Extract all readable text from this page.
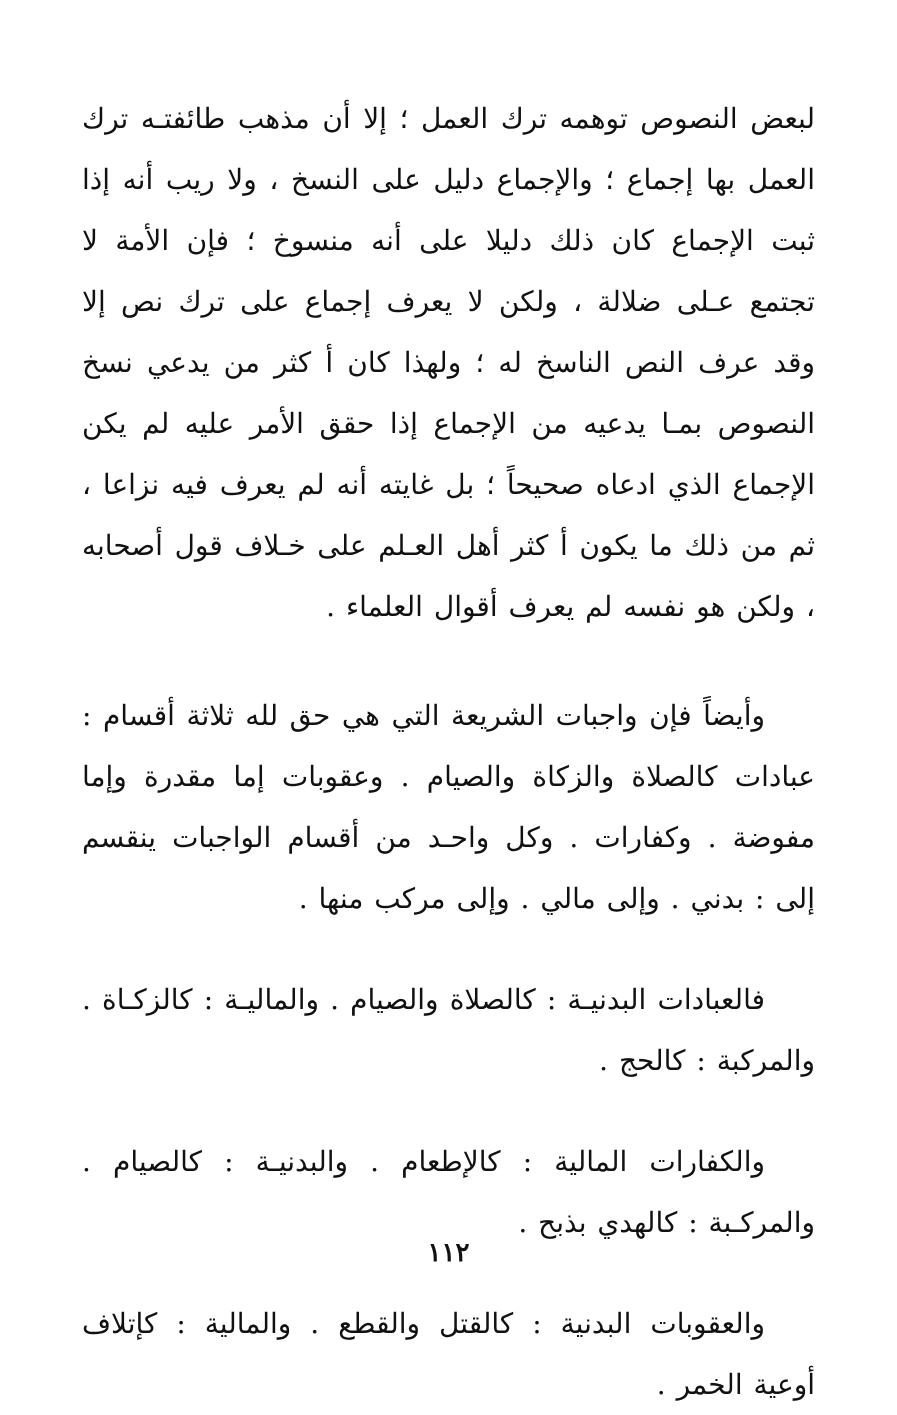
لبعض النصوص توهمه ترك العمل ؛ إلا أن مذهب طائفتـه ترك العمل بها إجماع ؛ والإجماع دليل على النسخ ، ولا ريب أنه إذا ثبت الإجماع كان ذلك دليلا على أنه منسوخ ؛ فإن الأمة لا تجتمع عـلى ضلالة ، ولكن لا يعرف إجماع على ترك نص إلا وقد عرف النص الناسخ له ؛ ولهذا كان أ كثر من يدعي نسخ النصوص بمـا يدعيه من الإجماع إذا حقق الأمر عليه لم يكن الإجماع الذي ادعاه صحيحاً ؛ بل غايته أنه لم يعرف فيه نزاعا ، ثم من ذلك ما يكون أ كثر أهل العـلم على خـلاف قول أصحابه ، ولكن هو نفسه لم يعرف أقوال العلماء .

وأيضاً فإن واجبات الشريعة التي هي حق لله ثلاثة أقسام : عبادات كالصلاة والزكاة والصيام . وعقوبات إما مقدرة وإما مفوضة . وكفارات . وكل واحـد من أقسام الواجبات ينقسم إلى : بدني . وإلى مالي . وإلى مركب منها .

فالعبادات البدنيـة : كالصلاة والصيام . والماليـة : كالزكـاة . والمركبة : كالحج .

والكفارات المالية : كالإطعام . والبدنيـة : كالصيام . والمركـبة : كالهدي بذبح .

والعقوبات البدنية : كالقتل والقطع . والمالية : كإتلاف أوعية الخمر .

١١٢
